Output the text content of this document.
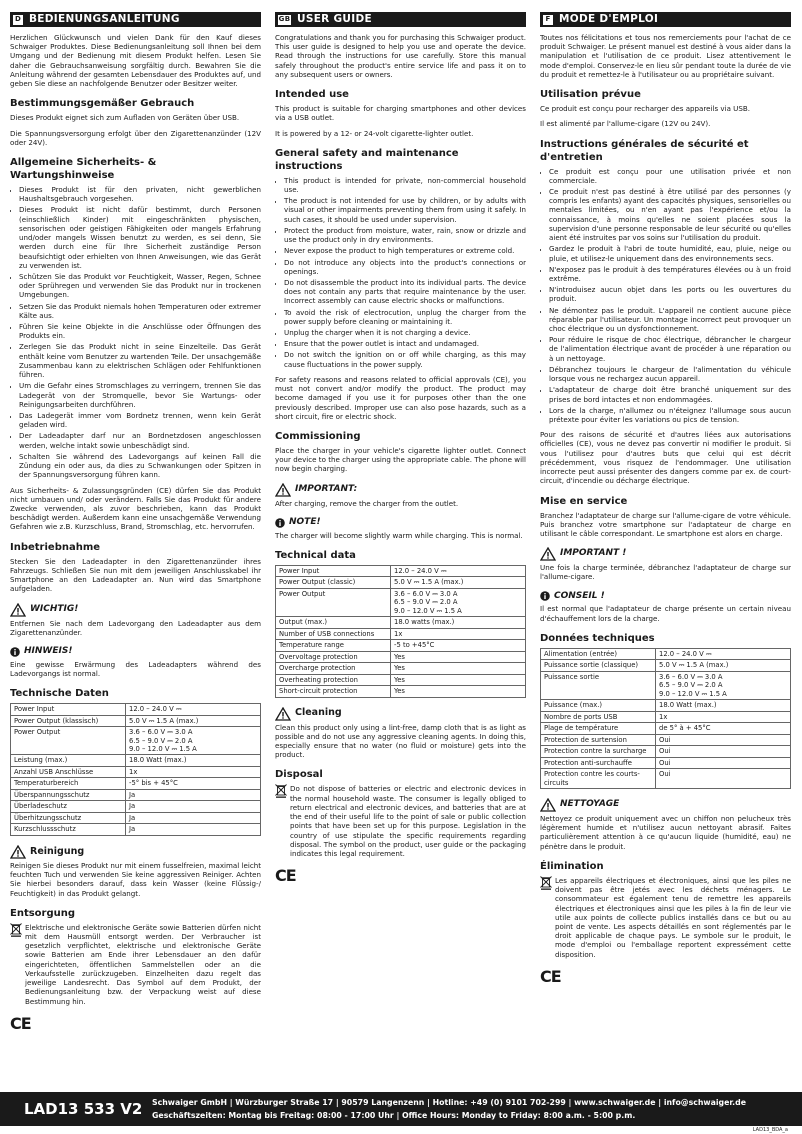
D BEDIENUNGSANLEITUNG

Herzlichen Glückwunsch und vielen Dank für den Kauf dieses Schwaiger Produktes. Diese Bedienungsanleitung soll Ihnen bei dem Umgang und der Bedienung mit diesem Produkt helfen. Lesen Sie daher die Gebrauchsanweisung sorgfältig durch. Bewahren Sie die Anleitung während der gesamten Lebensdauer des Produktes auf, und geben Sie diese an nachfolgende Benutzer oder Besitzer weiter.

Bestimmungsgemäßer Gebrauch

Dieses Produkt eignet sich zum Aufladen von Geräten über USB.

Die Spannungsversorgung erfolgt über den Zigarettenanzünder (12V oder 24V).

Allgemeine Sicherheits- & Wartungshinweise
• Dieses Produkt ist für den privaten, nicht gewerblichen Haushaltsgebrauch vorgesehen.
• Dieses Produkt ist nicht dafür bestimmt, durch Personen (einschließlich Kinder) mit eingeschränkten physischen, sensorischen oder geistigen Fähigkeiten oder mangels Erfahrung und/oder mangels Wissen benutzt zu werden, es sei denn, Sie werden durch eine für Ihre Sicherheit zuständige Person beaufsichtigt oder erhielten von Ihnen Anweisungen, wie das Gerät zu verwenden ist.
• Schützen Sie das Produkt vor Feuchtigkeit, Wasser, Regen, Schnee oder Sprühregen und verwenden Sie das Produkt nur in trockenen Umgebungen.
• Setzen Sie das Produkt niemals hohen Temperaturen oder extremer Kälte aus.
• Führen Sie keine Objekte in die Anschlüsse oder Öffnungen des Produkts ein.
• Zerlegen Sie das Produkt nicht in seine Einzelteile. Das Gerät enthält keine vom Benutzer zu wartenden Teile. Der unsachgemäße Zusammenbau kann zu elektrischen Schlägen oder Fehlfunktionen führen.
• Um die Gefahr eines Stromschlages zu verringern, trennen Sie das Ladegerät von der Stromquelle, bevor Sie Wartungs- oder Reinigungsarbeiten durchführen.
• Das Ladegerät immer vom Bordnetz trennen, wenn kein Gerät geladen wird.
• Der Ladeadapter darf nur an Bordnetzdosen angeschlossen werden, welche intakt sowie unbeschädigt sind.
• Schalten Sie während des Ladevorgangs auf keinen Fall die Zündung ein oder aus, da dies zu Schwankungen oder Spitzen in der Spannungsversorgung führen kann.

Aus Sicherheits- & Zulassungsgründen (CE) dürfen Sie das Produkt nicht umbauen und/ oder verändern. Falls Sie das Produkt für andere Zwecke verwenden, als zuvor beschrieben, kann das Produkt beschädigt werden. Außerdem kann eine unsachgemäße Verwendung Gefahren wie z.B. Kurzschluss, Brand, Stromschlag, etc. hervorrufen.

Inbetriebnahme

Stecken Sie den Ladeadapter in den Zigarettenanzünder ihres Fahrzeugs. Schließen Sie nun mit dem jeweiligen Anschlusskabel ihr Smartphone an den Ladeadapter an. Nun wird das Smartphone aufgeladen.

WICHTIG!

Entfernen Sie nach dem Ladevorgang den Ladeadapter aus dem Zigarettenanzünder.

HINWEIS!

Eine gewisse Erwärmung des Ladeadapters während des Ladevorgangs ist normal.

Technische Daten
Power Input	12.0 – 24.0 V ⎓
Power Output (klassisch)	5.0 V ⎓ 1.5 A (max.)
Power Output	3.6 – 6.0 V ⎓ 3.0 A
6.5 – 9.0 V ⎓ 2.0 A
9.0 – 12.0 V ⎓ 1.5 A
Leistung (max.)	18.0 Watt (max.)
Anzahl USB Anschlüsse	1x
Temperaturbereich	-5° bis + 45°C
Überspannungsschutz	Ja
Überladeschutz	Ja
Überhitzungsschutz	Ja
Kurzschlussschutz	Ja
Reinigung

Reinigen Sie dieses Produkt nur mit einem fusselfreien, maximal leicht feuchten Tuch und verwenden Sie keine aggressiven Reiniger. Achten Sie hierbei besonders darauf, dass kein Wasser (keine Flüssig-/ Feuchtigkeit) in das Produkt gelangt.

Entsorgung

Elektrische und elektronische Geräte sowie Batterien dürfen nicht mit dem Hausmüll entsorgt werden. Der Verbraucher ist gesetzlich verpflichtet, elektrische und elektronische Geräte sowie Batterien am Ende ihrer Lebensdauer an den dafür eingerichteten, öffentlichen Sammelstellen oder an die Verkaufsstelle zurückzugeben. Einzelheiten dazu regelt das jeweilige Landesrecht. Das Symbol auf dem Produkt, der Bedienungsanleitung bzw. der Verpackung weist auf diese Bestimmung hin.

CE
GB USER GUIDE

Congratulations and thank you for purchasing this Schwaiger product. This user guide is designed to help you use and operate the device. Read through the instructions for use carefully. Store this manual safely throughout the product's entire service life and pass it on to any subsequent users or owners.

Intended use

This product is suitable for charging smartphones and other devices via a USB outlet.

It is powered by a 12- or 24-volt cigarette-lighter outlet.

General safety and maintenance instructions
• This product is intended for private, non-commercial household use.
• The product is not intended for use by children, or by adults with visual or other impairments preventing them from using it safely. In such cases, it should be used under supervision.
• Protect the product from moisture, water, rain, snow or drizzle and use the product only in dry environments.
• Never expose the product to high temperatures or extreme cold.
• Do not introduce any objects into the product's connections or openings.
• Do not disassemble the product into its individual parts. The device does not contain any parts that require maintenance by the user. Incorrect assembly can cause electric shocks or malfunctions.
• To avoid the risk of electrocution, unplug the charger from the power supply before cleaning or maintaining it.
• Unplug the charger when it is not charging a device.
• Ensure that the power outlet is intact and undamaged.
• Do not switch the ignition on or off while charging, as this may cause fluctuations in the power supply.

For safety reasons and reasons related to official approvals (CE), you must not convert and/or modify the product. The product may become damaged if you use it for purposes other than the one previously described. Improper use can also pose hazards, such as a short circuit, fire or electric shock.

Commissioning

Place the charger in your vehicle's cigarette lighter outlet. Connect your device to the charger using the appropriate cable. The phone will now begin charging.

IMPORTANT:

After charging, remove the charger from the outlet.

NOTE!

The charger will become slightly warm while charging. This is normal.

Technical data
Power Input	12.0 – 24.0 V ⎓
Power Output (classic)	5.0 V ⎓ 1.5 A (max.)
Power Output	3.6 – 6.0 V ⎓ 3.0 A
6.5 – 9.0 V ⎓ 2.0 A
9.0 – 12.0 V ⎓ 1.5 A
Output (max.)	18.0 watts (max.)
Number of USB connections	1x
Temperature range	-5 to +45°C
Overvoltage protection	Yes
Overcharge protection	Yes
Overheating protection	Yes
Short-circuit protection	Yes
Cleaning

Clean this product only using a lint-free, damp cloth that is as light as possible and do not use any aggressive cleaning agents. In doing this, especially ensure that no water (no fluid or moisture) gets into the product.

Disposal

Do not dispose of batteries or electric and electronic devices in the normal household waste. The consumer is legally obliged to return electrical and electronic devices, and batteries that are at the end of their useful life to the point of sale or public collection points that have been set up for this purpose. Legislation in the country of use stipulate the specific requirements regarding disposal. The symbol on the product, user guide or the packaging indicates this legal requirement.

CE
F MODE D'EMPLOI

Toutes nos félicitations et tous nos remerciements pour l'achat de ce produit Schwaiger. Le présent manuel est destiné à vous aider dans la manipulation et l'utilisation de ce produit. Lisez attentivement le mode d'emploi. Conservez-le en lieu sûr pendant toute la durée de vie du produit et remettez-le à l'utilisateur ou au propriétaire suivant.

Utilisation prévue

Ce produit est conçu pour recharger des appareils via USB.

Il est alimenté par l'allume-cigare (12V ou 24V).

Instructions générales de sécurité et d'entretien
• Ce produit est conçu pour une utilisation privée et non commerciale.
• Ce produit n'est pas destiné à être utilisé par des personnes (y compris les enfants) ayant des capacités physiques, sensorielles ou mentales limitées, ou n'en ayant pas l'expérience et/ou la connaissance, à moins qu'elles ne soient placées sous la supervision d'une personne responsable de leur sécurité ou qu'elles aient été instruites par vos soins sur l'utilisation du produit.
• Gardez le produit à l'abri de toute humidité, eau, pluie, neige ou pluie, et utilisez-le uniquement dans des environnements secs.
• N'exposez pas le produit à des températures élevées ou à un froid extrême.
• N'introduisez aucun objet dans les ports ou les ouvertures du produit.
• Ne démontez pas le produit. L'appareil ne contient aucune pièce réparable par l'utilisateur. Un montage incorrect peut provoquer un choc électrique ou un dysfonctionnement.
• Pour réduire le risque de choc électrique, débrancher le chargeur de l'alimentation électrique avant de procéder à une réparation ou à un nettoyage.
• Débranchez toujours le chargeur de l'alimentation du véhicule lorsque vous ne rechargez aucun appareil.
• L'adaptateur de charge doit être branché uniquement sur des prises de bord intactes et non endommagées.
• Lors de la charge, n'allumez ou n'éteignez l'allumage sous aucun prétexte pour éviter les variations ou pics de tension.

Pour des raisons de sécurité et d'autres liées aux autorisations officielles (CE), vous ne devez pas convertir ni modifier le produit. Si vous l'utilisez pour d'autres buts que celui qui est décrit précédemment, vous risquez de l'endommager. Une utilisation incorrecte peut aussi présenter des dangers comme par ex. de court-circuit, d'incendie ou décharge électrique.

Mise en service

Branchez l'adaptateur de charge sur l'allume-cigare de votre véhicule. Puis branchez votre smartphone sur l'adaptateur de charge en utilisant le câble correspondant. Le smartphone est alors en charge.

IMPORTANT !

Une fois la charge terminée, débranchez l'adaptateur de charge sur l'allume-cigare.

CONSEIL !

Il est normal que l'adaptateur de charge présente un certain niveau d'échauffement lors de la charge.

Données techniques
Alimentation (entrée)	12.0 – 24.0 V ⎓
Puissance sortie (classique)	5.0 V ⎓ 1.5 A (max.)
Puissance sortie	3.6 – 6.0 V ⎓ 3.0 A
6.5 – 9.0 V ⎓ 2.0 A
9.0 – 12.0 V ⎓ 1.5 A
Puissance (max.)	18.0 Watt (max.)
Nombre de ports USB	1x
Plage de température	de 5° à + 45°C
Protection de surtension	Oui
Protection contre la surcharge	Oui
Protection anti-surchauffe	Oui
Protection contre les courts-circuits	Oui
NETTOYAGE

Nettoyez ce produit uniquement avec un chiffon non pelucheux très légèrement humide et n'utilisez aucun nettoyant abrasif. Faites particulièrement attention à ce qu'aucun liquide (humidité, eau) ne pénètre dans le produit.

Élimination

Les appareils électriques et électroniques, ainsi que les piles ne doivent pas être jetés avec les déchets ménagers. Le consommateur est également tenu de remettre les appareils électriques et électroniques ainsi que les piles à la fin de leur vie utile aux points de collecte publics installés dans ce but ou au point de vente. Les aspects détaillés en sont réglementés par le droit applicable de chaque pays. Le symbole sur le produit, le mode d'emploi ou l'emballage reportent expressément cette disposition.

CE
LAD13 533 V2	Schwaiger GmbH | Würzburger Straße 17 | 90579 Langenzenn | Hotline: +49 (0) 9101 702-299 | www.schwaiger.de | info@schwaiger.de
Geschäftszeiten: Montag bis Freitag: 08:00 - 17:00 Uhr | Office Hours: Monday to Friday: 8:00 a.m. - 5:00 p.m.
LAD13_BDA_a
